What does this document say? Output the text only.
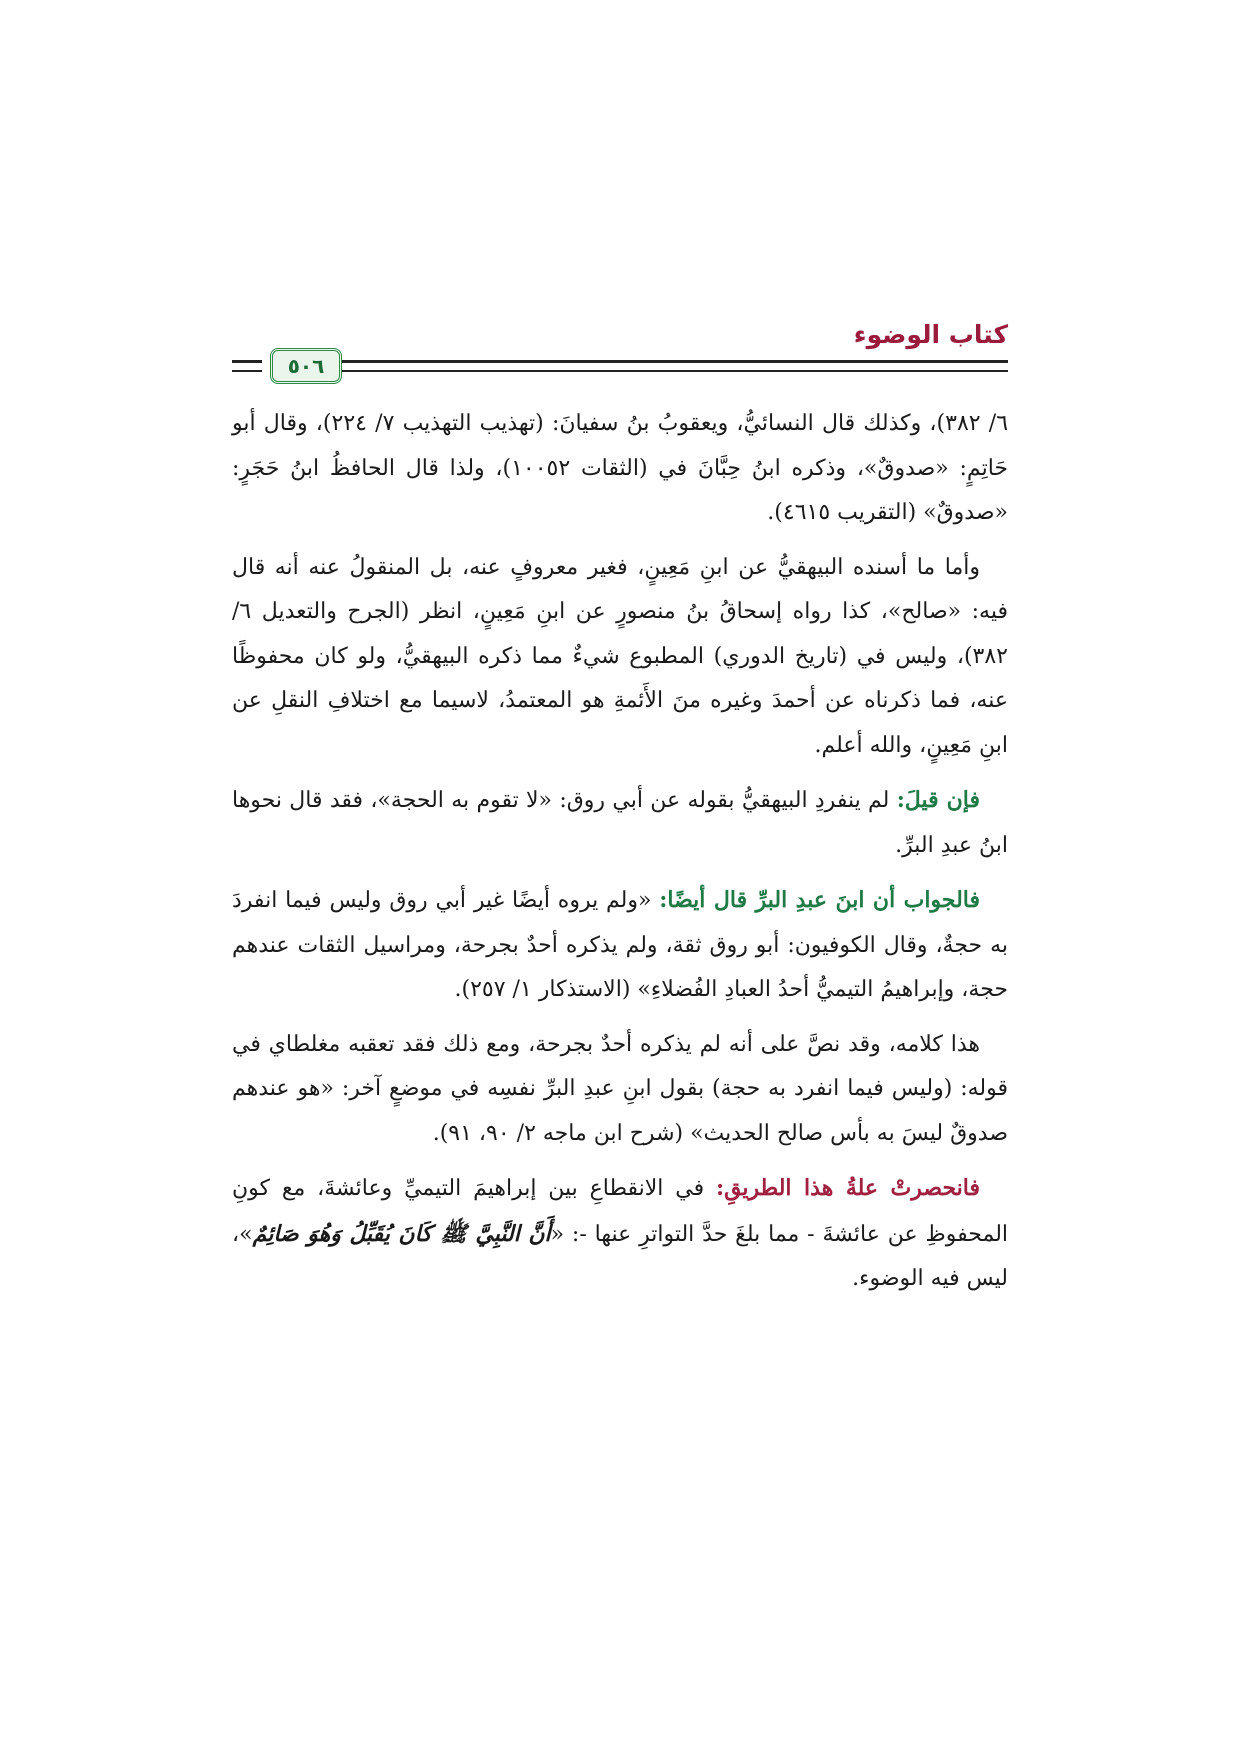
كتاب الوضوء
٥٠٦

٦/ ٣٨٢)، وكذلك قال النسائيُّ، ويعقوبُ بنُ سفيانَ: (تهذيب التهذيب ٧/ ٢٢٤)، وقال أبو حَاتِمٍ: «صدوقٌ»، وذكره ابنُ حِبَّانَ في (الثقات ١٠٠٥٢)، ولذا قال الحافظُ ابنُ حَجَرٍ: «صدوقٌ» (التقريب ٤٦١٥).

وأما ما أسنده البيهقيُّ عن ابنِ مَعِينٍ، فغير معروفٍ عنه، بل المنقولُ عنه أنه قال فيه: «صالح»، كذا رواه إسحاقُ بنُ منصورٍ عن ابنِ مَعِينٍ، انظر (الجرح والتعديل ٦/ ٣٨٢)، وليس في (تاريخ الدوري) المطبوع شيءٌ مما ذكره البيهقيُّ، ولو كان محفوظًا عنه، فما ذكرناه عن أحمدَ وغيره منَ الأَئمةِ هو المعتمدُ، لاسيما مع اختلافِ النقلِ عن ابنِ مَعِينٍ، والله أعلم.

فإن قيلَ: لم ينفردِ البيهقيُّ بقوله عن أبي روق: «لا تقوم به الحجة»، فقد قال نحوها ابنُ عبدِ البرِّ.

فالجواب أن ابنَ عبدِ البرِّ قال أيضًا: «ولم يروه أيضًا غير أبي روق وليس فيما انفردَ به حجةٌ، وقال الكوفيون: أبو روق ثقة، ولم يذكره أحدٌ بجرحة، ومراسيل الثقات عندهم حجة، وإبراهيمُ التيميُّ أحدُ العبادِ الفُضلاءِ» (الاستذكار ١/ ٢٥٧).

هذا كلامه، وقد نصَّ على أنه لم يذكره أحدٌ بجرحة، ومع ذلك فقد تعقبه مغلطاي في قوله: (وليس فيما انفرد به حجة) بقول ابنِ عبدِ البرِّ نفسِه في موضعٍ آخر: «هو عندهم صدوقٌ ليسَ به بأس صالح الحديث» (شرح ابن ماجه ٢/ ٩٠، ٩١).

فانحصرتْ علةُ هذا الطريقِ: في الانقطاعِ بين إبراهيمَ التيميِّ وعائشةَ، مع كونِ المحفوظِ عن عائشةَ - مما بلغَ حدَّ التواترِ عنها -: «أَنَّ النَّبِيَّ ﷺ كَانَ يُقَبِّلُ وَهُوَ صَائِمٌ»، ليس فيه الوضوء.
